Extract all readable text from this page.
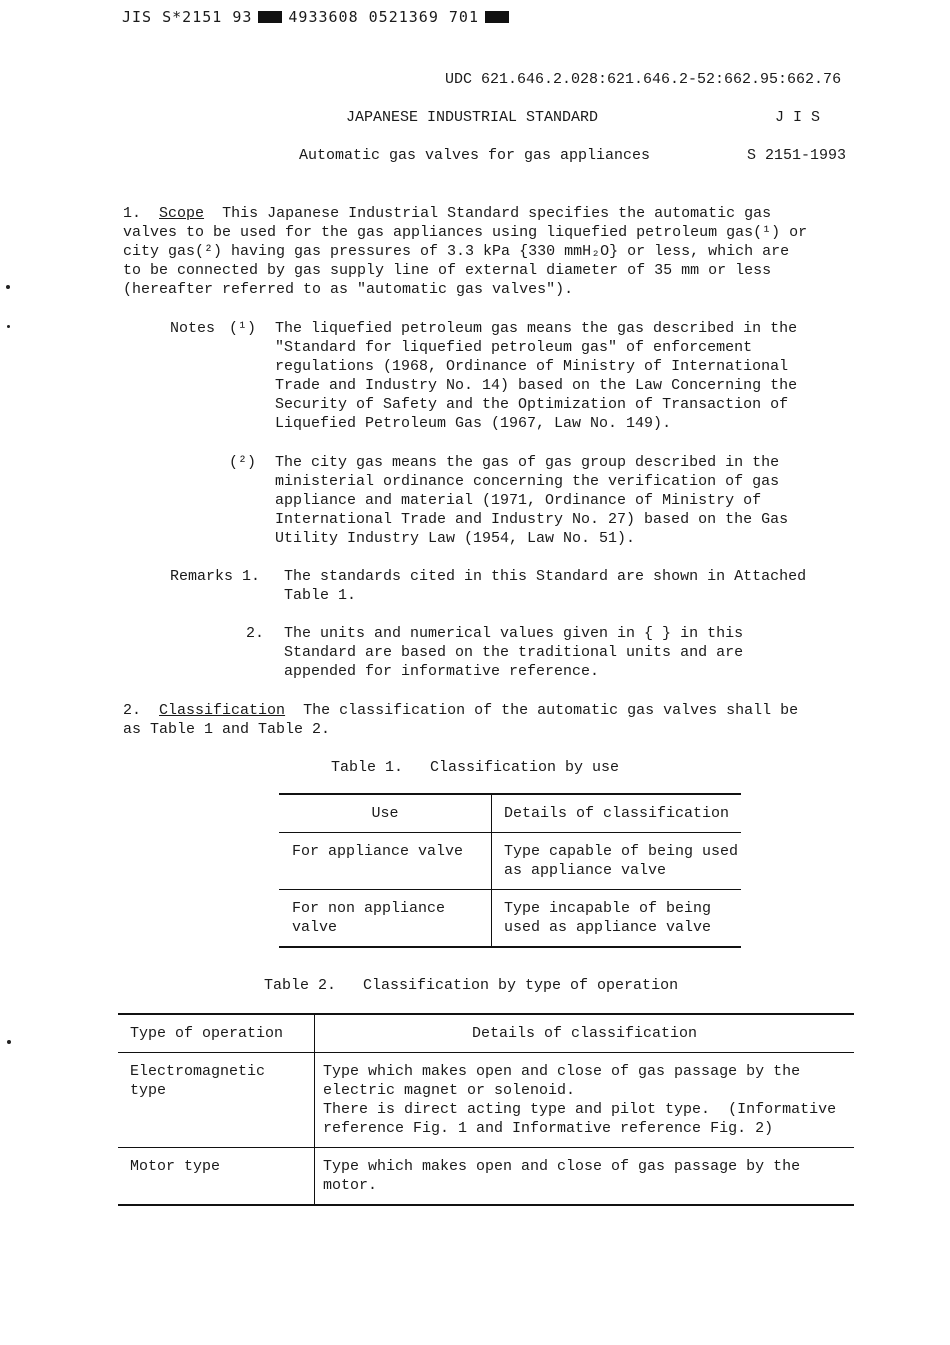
JIS S*2151 93 4933608 0521369 701
UDC 621.646.2.028:621.646.2-52:662.95:662.76
JAPANESE INDUSTRIAL STANDARD	J I S
Automatic gas valves for gas appliances	S 2151-1993
1. Scope This Japanese Industrial Standard specifies the automatic gas
valves to be used for the gas appliances using liquefied petroleum gas(¹) or
city gas(²) having gas pressures of 3.3 kPa {330 mmH₂O} or less, which are
to be connected by gas supply line of external diameter of 35 mm or less
(hereafter referred to as "automatic gas valves").
Notes (¹) The liquefied petroleum gas means the gas described in the
"Standard for liquefied petroleum gas" of enforcement
regulations (1968, Ordinance of Ministry of International
Trade and Industry No. 14) based on the Law Concerning the
Security of Safety and the Optimization of Transaction of
Liquefied Petroleum Gas (1967, Law No. 149).
(²) The city gas means the gas of gas group described in the
ministerial ordinance concerning the verification of gas
appliance and material (1971, Ordinance of Ministry of
International Trade and Industry No. 27) based on the Gas
Utility Industry Law (1954, Law No. 51).
Remarks 1. The standards cited in this Standard are shown in Attached
Table 1.
2. The units and numerical values given in { } in this
Standard are based on the traditional units and are
appended for informative reference.
2. Classification The classification of the automatic gas valves shall be
as Table 1 and Table 2.
Table 1.   Classification by use
Use	Details of classification

For appliance valve	Type capable of being used
as appliance valve

For non appliance
valve	Type incapable of being
used as appliance valve
Table 2.   Classification by type of operation
Type of operation	Details of classification

Electromagnetic
type	Type which makes open and close of gas passage by the
electric magnet or solenoid.
There is direct acting type and pilot type.  (Informative
reference Fig. 1 and Informative reference Fig. 2)

Motor type	Type which makes open and close of gas passage by the
motor.
